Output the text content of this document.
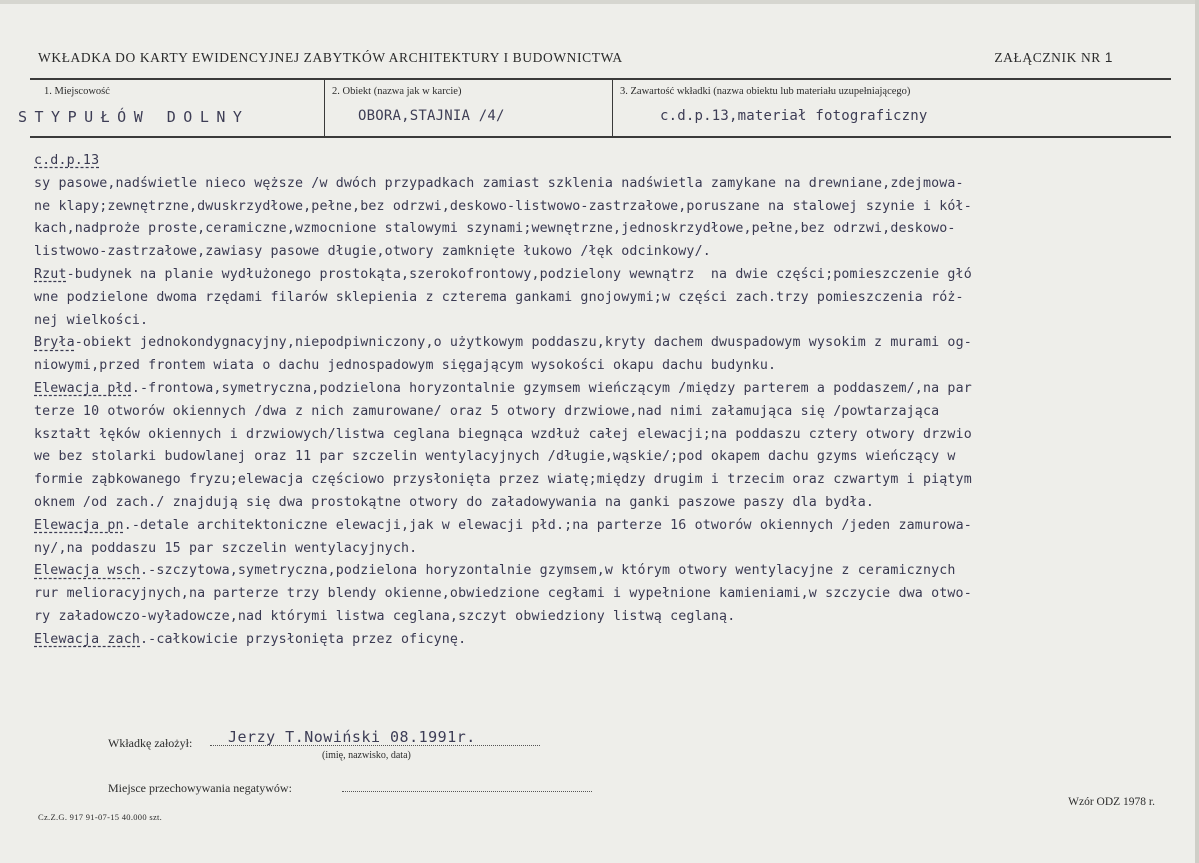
WKŁADKA DO KARTY EWIDENCYJNEJ ZABYTKÓW ARCHITEKTURY I BUDOWNICTWA	ZAŁĄCZNIK NR 1
1. Miejscowość	2. Obiekt (nazwa jak w karcie)	3. Zawartość wkładki (nazwa obiektu lub materiału uzupełniającego)
STYPUŁÓW DOLNY	OBORA,STAJNIA /4/	c.d.p.13,materiał fotograficzny
c.d.p.13
sy pasowe,nadświetle nieco węższe /w dwóch przypadkach zamiast szklenia nadświetla zamykane na drewniane,zdejmowa-
ne klapy;zewnętrzne,dwuskrzydłowe,pełne,bez odrzwi,deskowo-listwowo-zastrzałowe,poruszane na stalowej szynie i kół-
kach,nadproże proste,ceramiczne,wzmocnione stalowymi szynami;wewnętrzne,jednoskrzydłowe,pełne,bez odrzwi,deskowo-
listwowo-zastrzałowe,zawiasy pasowe długie,otwory zamknięte łukowo /łęk odcinkowy/.
Rzut-budynek na planie wydłużonego prostokąta,szerokofrontowy,podzielony wewnątrz  na dwie części;pomieszczenie głó
wne podzielone dwoma rzędami filarów sklepienia z czterema gankami gnojowymi;w części zach.trzy pomieszczenia róż-
nej wielkości.
Bryła-obiekt jednokondygnacyjny,niepodpiwniczony,o użytkowym poddaszu,kryty dachem dwuspadowym wysokim z murami og-
niowymi,przed frontem wiata o dachu jednospadowym sięgającym wysokości okapu dachu budynku.
Elewacja płd.-frontowa,symetryczna,podzielona horyzontalnie gzymsem wieńczącym /między parterem a poddaszem/,na par
terze 10 otworów okiennych /dwa z nich zamurowane/ oraz 5 otwory drzwiowe,nad nimi załamująca się /powtarzająca
kształt łęków okiennych i drzwiowych/listwa ceglana biegnąca wzdłuż całej elewacji;na poddaszu cztery otwory drzwio
we bez stolarki budowlanej oraz 11 par szczelin wentylacyjnych /długie,wąskie/;pod okapem dachu gzyms wieńczący w
formie ząbkowanego fryzu;elewacja częściowo przysłonięta przez wiatę;między drugim i trzecim oraz czwartym i piątym
oknem /od zach./ znajdują się dwa prostokątne otwory do załadowywania na ganki paszowe paszy dla bydła.
Elewacja pn.-detale architektoniczne elewacji,jak w elewacji płd.;na parterze 16 otworów okiennych /jeden zamurowa-
ny/,na poddaszu 15 par szczelin wentylacyjnych.
Elewacja wsch.-szczytowa,symetryczna,podzielona horyzontalnie gzymsem,w którym otwory wentylacyjne z ceramicznych
rur melioracyjnych,na parterze trzy blendy okienne,obwiedzione cegłami i wypełnione kamieniami,w szczycie dwa otwo-
ry załadowczo-wyładowcze,nad którymi listwa ceglana,szczyt obwiedziony listwą ceglaną.
Elewacja zach.-całkowicie przysłonięta przez oficynę.
Wkładkę założył: Jerzy T.Nowiński 08.1991r.
(imię, nazwisko, data)
Miejsce przechowywania negatywów:
Wzór ODZ 1978 r.
Cz.Z.G. 917 91-07-15 40.000 szt.
